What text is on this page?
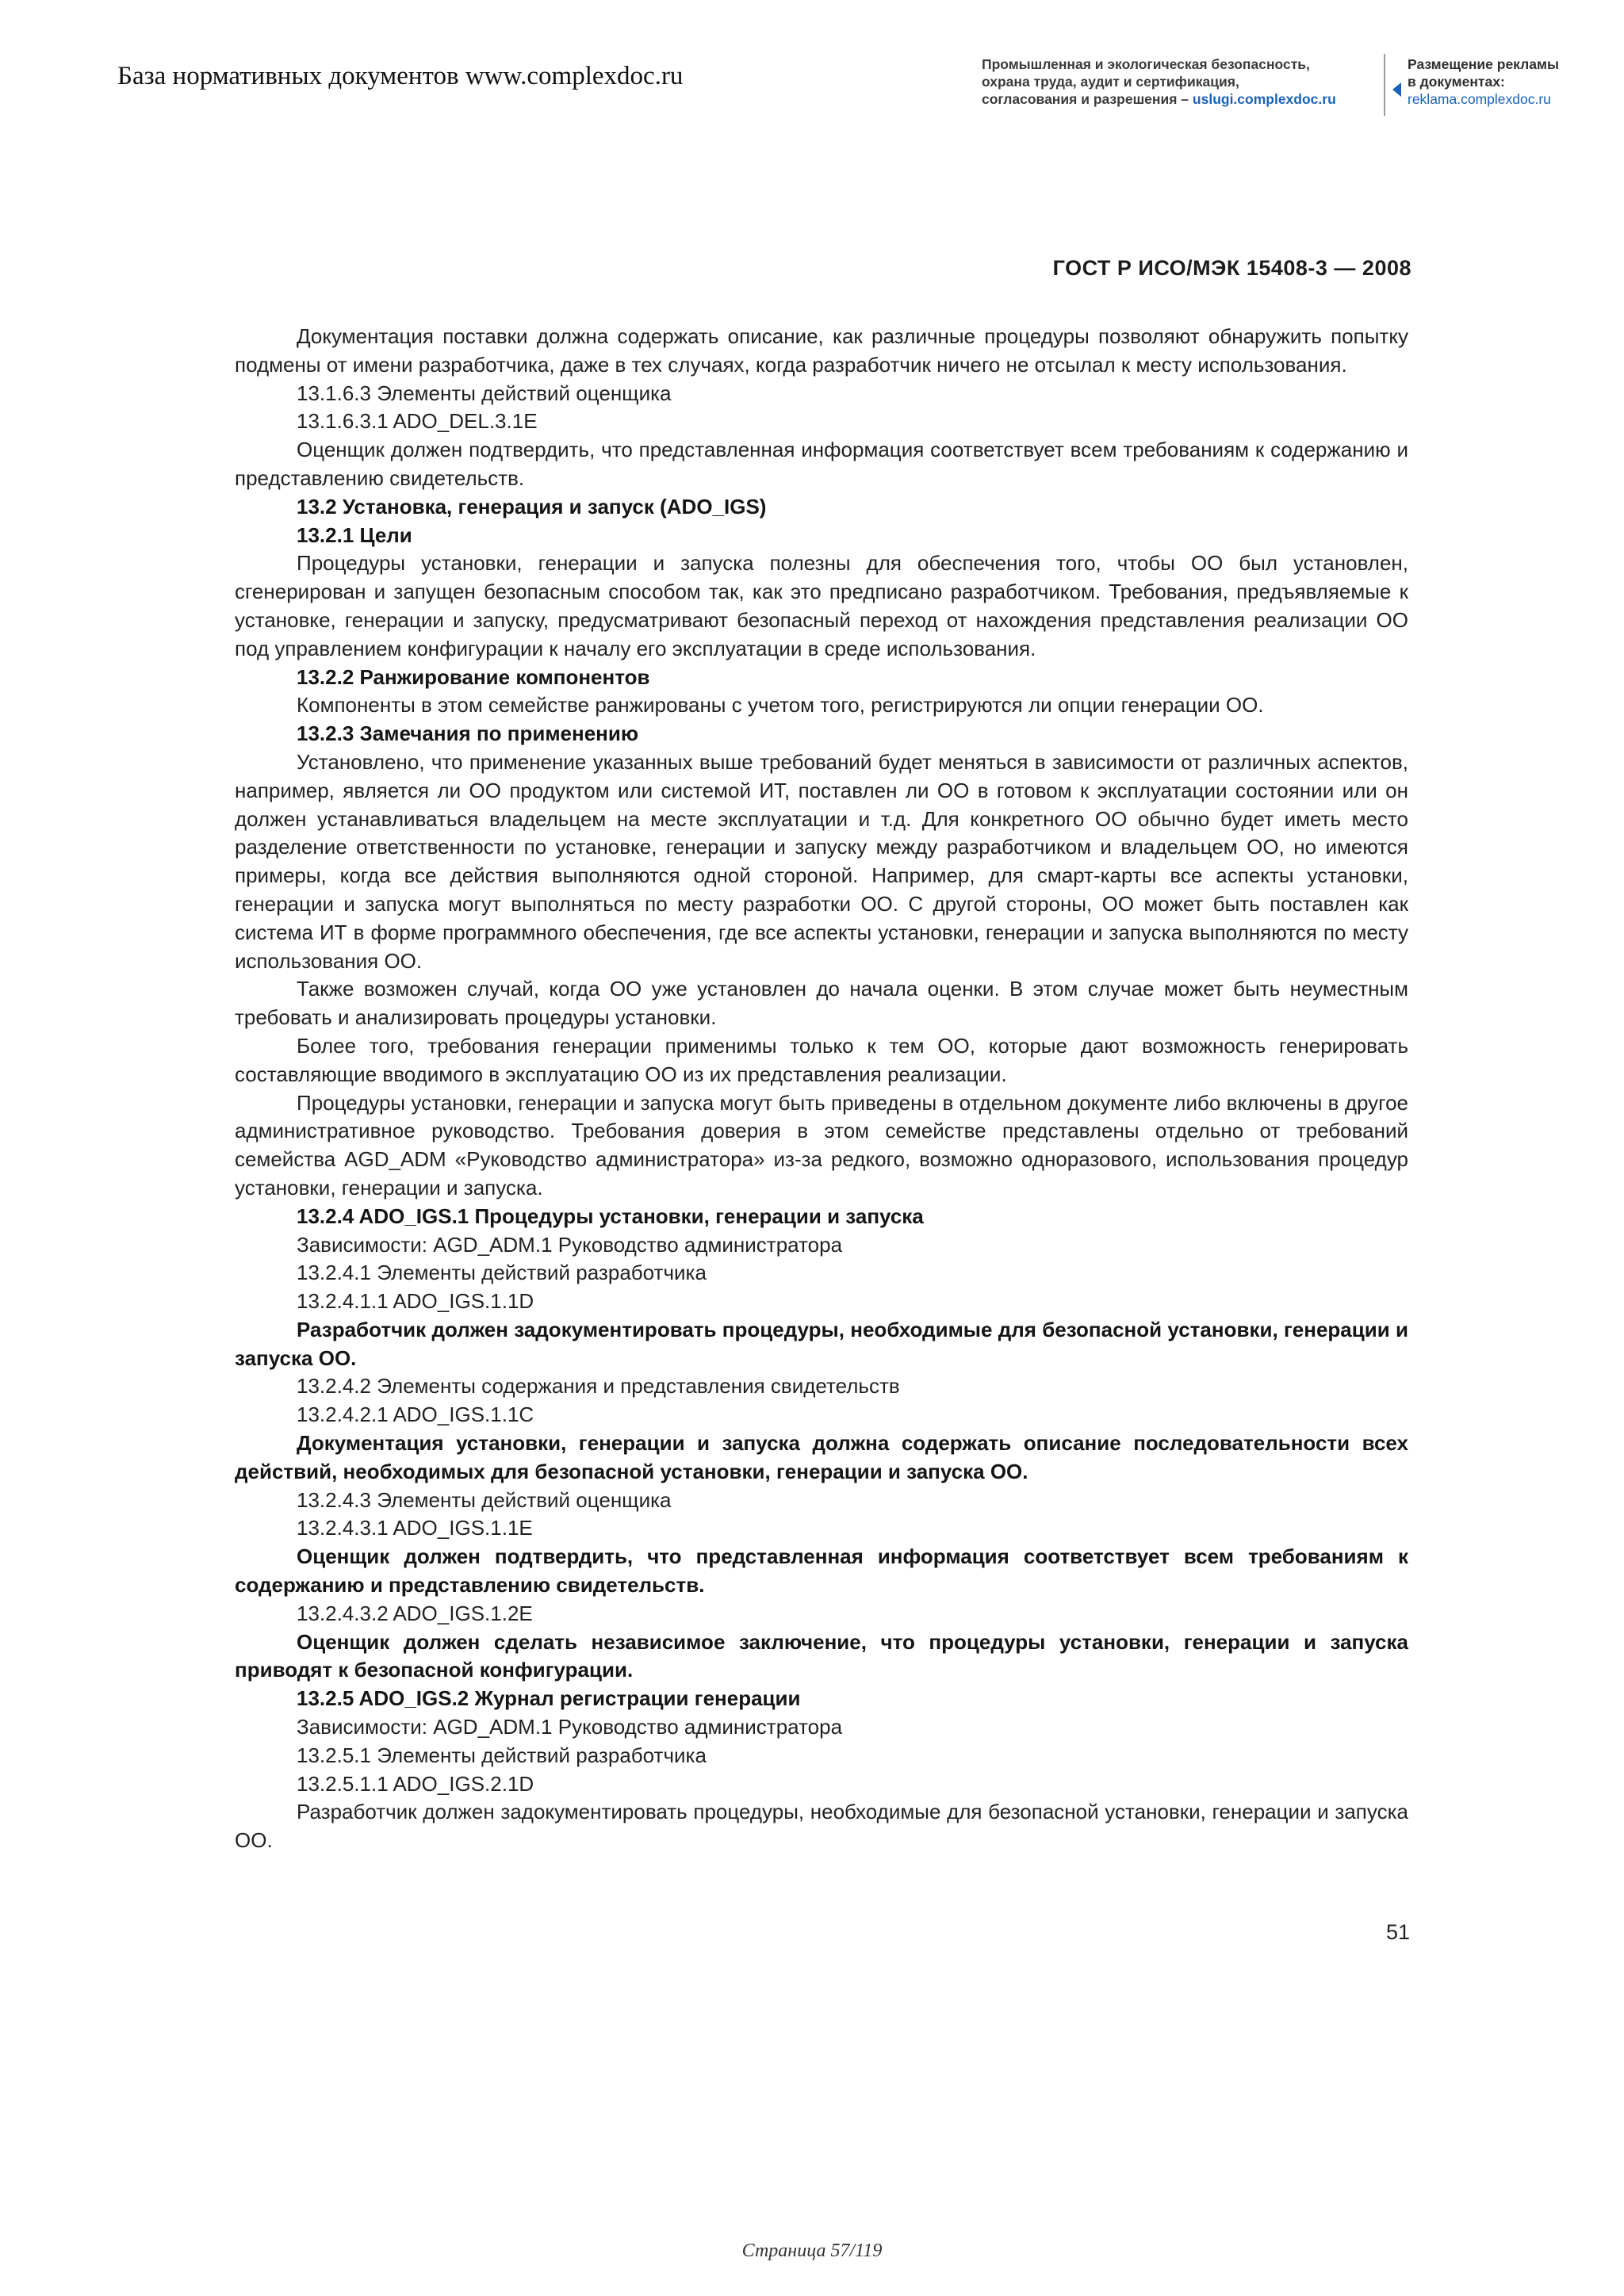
База нормативных документов www.complexdoc.ru	Промышленная и экологическая безопасность,
охрана труда, аудит и сертификация,
согласования и разрешения – uslugi.complexdoc.ru
Размещение рекламы
в документах:
reklama.complexdoc.ru
ГОСТ Р ИСО/МЭК 15408-3 — 2008

Документация поставки должна содержать описание, как различные процедуры позволяют обнаружить попытку подмены от имени разработчика, даже в тех случаях, когда разработчик ничего не отсылал к месту использования.

13.1.6.3 Элементы действий оценщика

13.1.6.3.1 ADO_DEL.3.1E

Оценщик должен подтвердить, что представленная информация соответствует всем требованиям к содержанию и представлению свидетельств.

13.2 Установка, генерация и запуск (ADO_IGS)

13.2.1 Цели

Процедуры установки, генерации и запуска полезны для обеспечения того, чтобы ОО был установлен, сгенерирован и запущен безопасным способом так, как это предписано разработчиком. Требования, предъявляемые к установке, генерации и запуску, предусматривают безопасный переход от нахождения представления реализации ОО под управлением конфигурации к началу его эксплуатации в среде использования.

13.2.2 Ранжирование компонентов

Компоненты в этом семействе ранжированы с учетом того, регистрируются ли опции генерации ОО.

13.2.3 Замечания по применению

Установлено, что применение указанных выше требований будет меняться в зависимости от различных аспектов, например, является ли ОО продуктом или системой ИТ, поставлен ли ОО в готовом к эксплуатации состоянии или он должен устанавливаться владельцем на месте эксплуатации и т.д. Для конкретного ОО обычно будет иметь место разделение ответственности по установке, генерации и запуску между разработчиком и владельцем ОО, но имеются примеры, когда все действия выполняются одной стороной. Например, для смарт-карты все аспекты установки, генерации и запуска могут выполняться по месту разработки ОО. С другой стороны, ОО может быть поставлен как система ИТ в форме программного обеспечения, где все аспекты установки, генерации и запуска выполняются по месту использования ОО.

Также возможен случай, когда ОО уже установлен до начала оценки. В этом случае может быть неуместным требовать и анализировать процедуры установки.

Более того, требования генерации применимы только к тем ОО, которые дают возможность генерировать составляющие вводимого в эксплуатацию ОО из их представления реализации.

Процедуры установки, генерации и запуска могут быть приведены в отдельном документе либо включены в другое административное руководство. Требования доверия в этом семействе представлены отдельно от требований семейства AGD_ADM «Руководство администратора» из-за редкого, возможно одноразового, использования процедур установки, генерации и запуска.

13.2.4 ADO_IGS.1 Процедуры установки, генерации и запуска

Зависимости: AGD_ADM.1 Руководство администратора

13.2.4.1 Элементы действий разработчика

13.2.4.1.1 ADO_IGS.1.1D

Разработчик должен задокументировать процедуры, необходимые для безопасной установки, генерации и запуска ОО.

13.2.4.2 Элементы содержания и представления свидетельств

13.2.4.2.1 ADO_IGS.1.1C

Документация установки, генерации и запуска должна содержать описание последовательности всех действий, необходимых для безопасной установки, генерации и запуска ОО.

13.2.4.3 Элементы действий оценщика

13.2.4.3.1 ADO_IGS.1.1E

Оценщик должен подтвердить, что представленная информация соответствует всем требованиям к содержанию и представлению свидетельств.

13.2.4.3.2 ADO_IGS.1.2E

Оценщик должен сделать независимое заключение, что процедуры установки, генерации и запуска приводят к безопасной конфигурации.

13.2.5 ADO_IGS.2 Журнал регистрации генерации

Зависимости: AGD_ADM.1 Руководство администратора

13.2.5.1 Элементы действий разработчика

13.2.5.1.1 ADO_IGS.2.1D

Разработчик должен задокументировать процедуры, необходимые для безопасной установки, генерации и запуска ОО.

51
Страница 57/119
